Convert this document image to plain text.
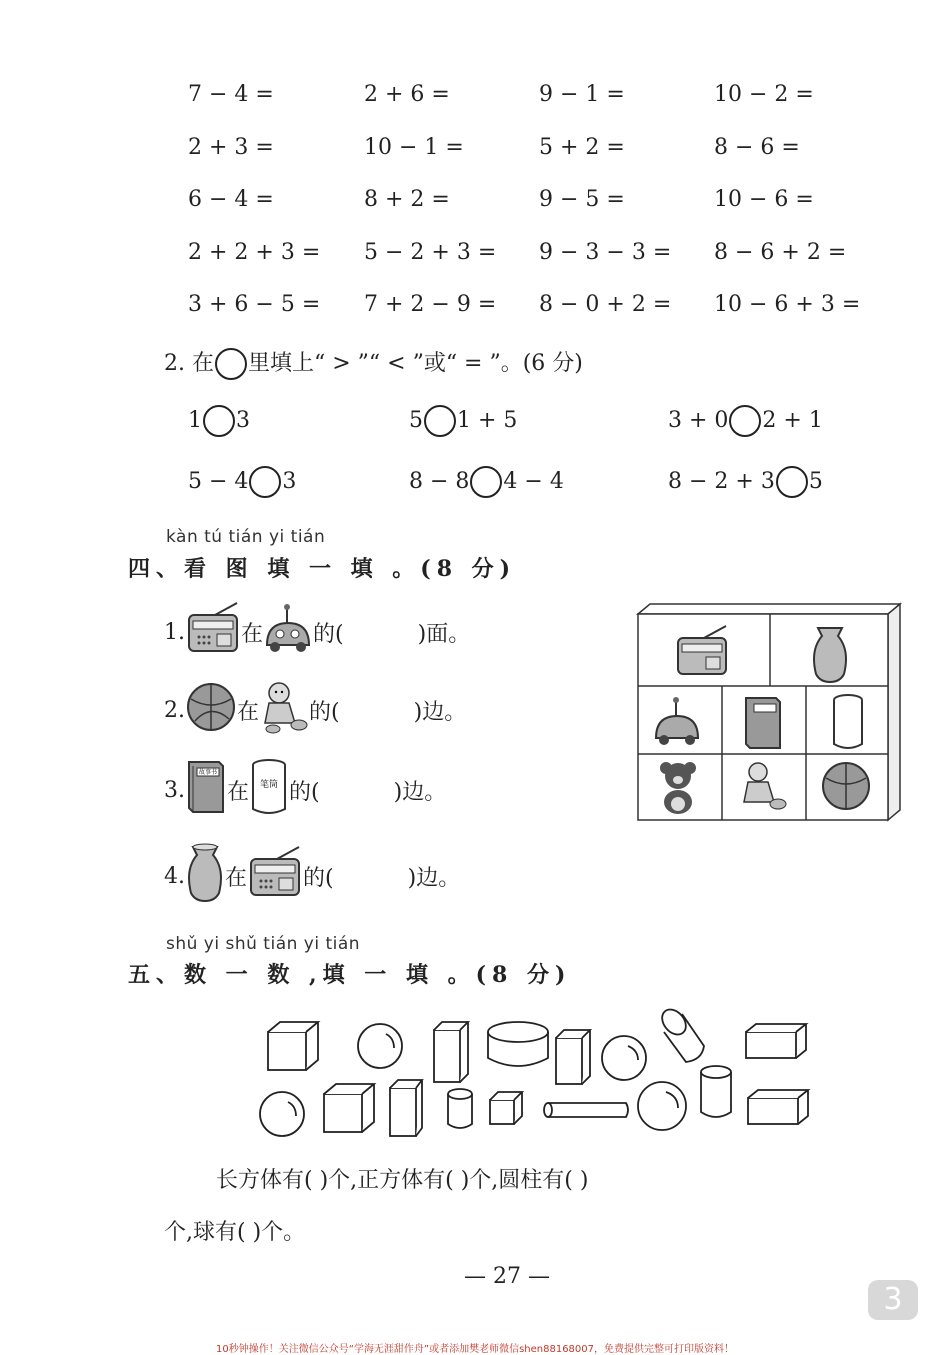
7 − 4 =	2 + 6 =	9 − 1 =	10 − 2 =
2 + 3 =	10 − 1 =	5 + 2 =	8 − 6 =
6 − 4 =	8 + 2 =	9 − 5 =	10 − 6 =
2 + 2 + 3 = 5 − 2 + 3 = 9 − 3 − 3 = 8 − 6 + 2 =
3 + 6 − 5 = 7 + 2 − 9 = 8 − 0 + 2 = 10 − 6 + 3 =
2. 在 里填上“ > ”“ < ”或“ = ”。(6 分)
1 3	5 1 + 5	3 + 0 2 + 1
5 − 4 3	8 − 8 4 − 4	8 − 2 + 3 5
kàn tú tián yi tián
四、看 图 填 一 填 。(8 分)
1.	在 的(	)面。
2. 在 的(	)边。
3.
故事书
在 笔筒 的(	)边。
4. 在	的(	)边。
shǔ yi shǔ tián yi tián
五、数 一 数 ,填 一 填 。(8 分)
长方体有( )个,正方体有( )个,圆柱有( )
个,球有( )个。
— 27 —
3
10秒钟操作！关注微信公众号“学海无涯甜作舟”或者添加樊老师微信shen88168007，免费提供完整可打印版资料！
